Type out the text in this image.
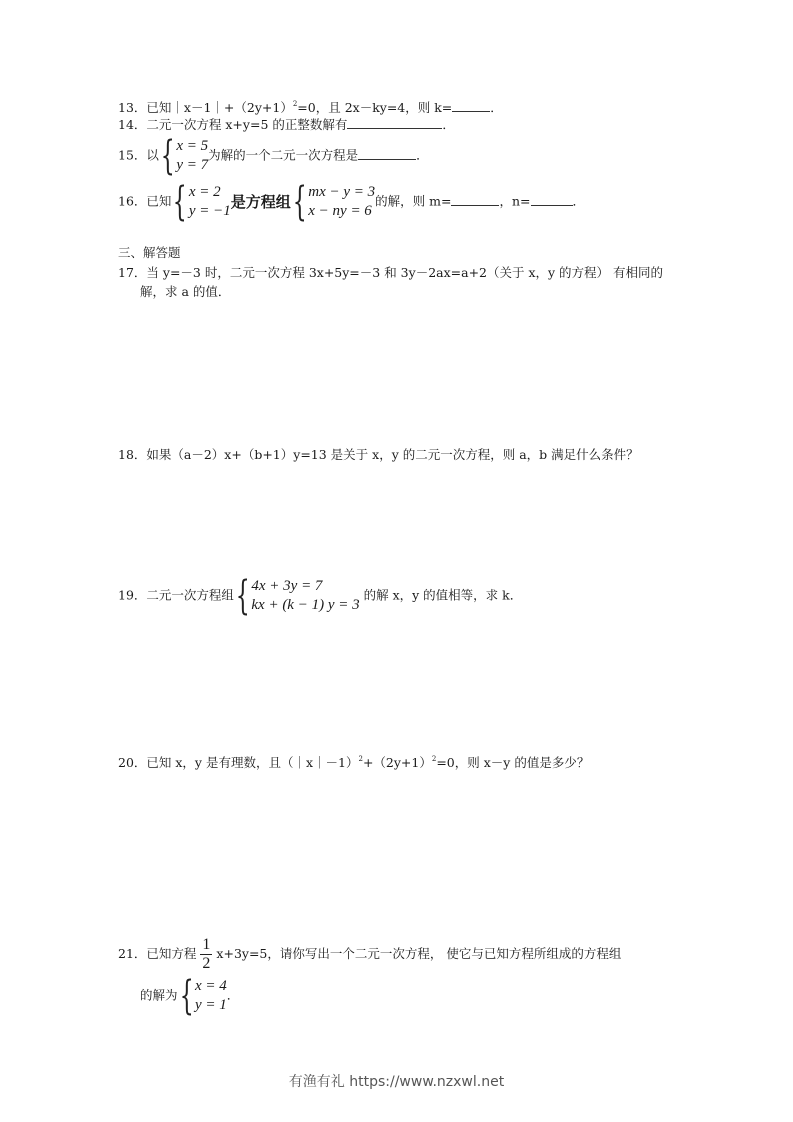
13．已知$|x-1|+(2y+1)^2=0$，且 2x－ky=4，则 k=	．
14．二元一次方程 x+y=5 的正整数解有	．
15．以 { x = 5
y = 7
为解的一个二元一次方程是	．
16．已知 { x = 2
y = −1 是方程组 { mx − y = 3
x − ny = 6
的解，则 m=	，n=	．
三、解答题
17．当 y=－3 时，二元一次方程 3x+5y=－3 和 3y－2ax=a+2（关于 x，y 的方程） 有相同的
解，求 a 的值．
18．如果（a－2）x+（b+1）y=13 是关于 x，y 的二元一次方程，则 a，b 满足什么条件？
19．二元一次方程组 { 4x + 3y = 7
kx + (k − 1) y = 3
的解 x，y 的值相等，求 k．
20．已知 x，y 是有理数，且$(|x|-1)^2+(2y+1)^2=0$，则 x－y 的值是多少？
21．已知方程 $\frac{1}{2} x+3y=5$，请你写出一个二元一次方程， 使它与已知方程所组成的方程组
的解为 { x = 4
y = 1
．
有渔有礼 https://www.nzxwl.net
